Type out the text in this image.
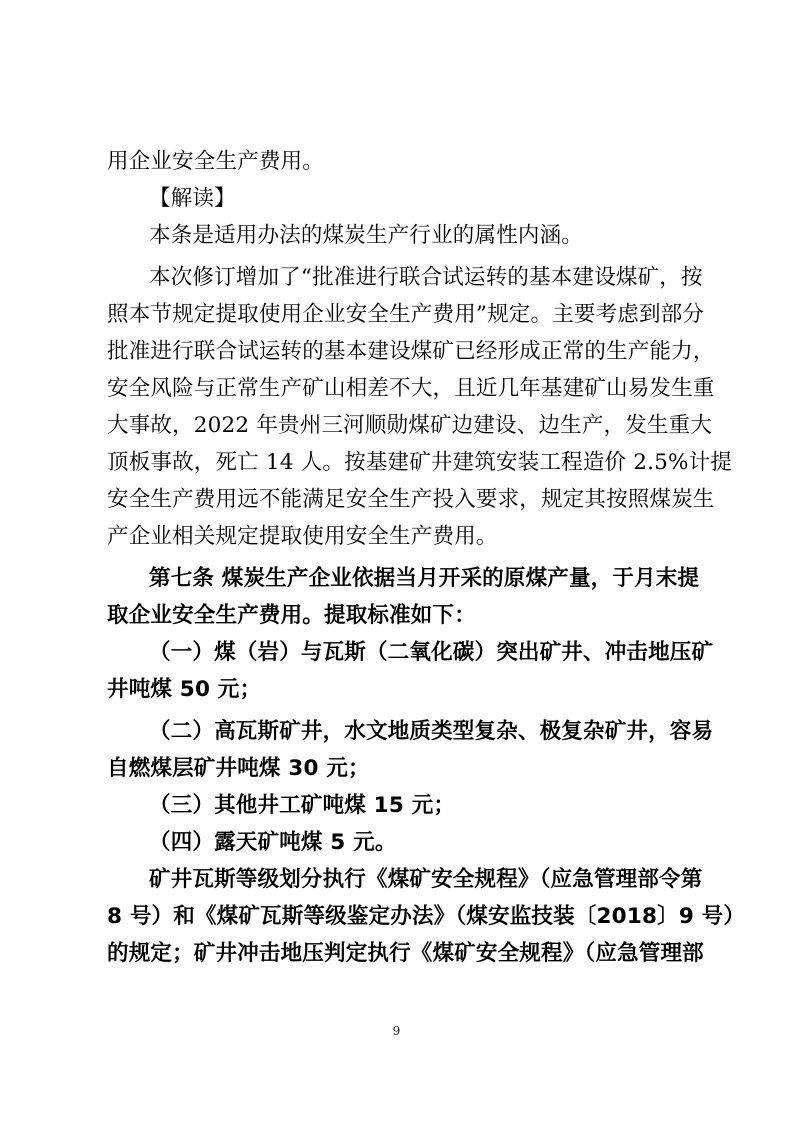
用企业安全生产费用。
【解读】
本条是适用办法的煤炭生产行业的属性内涵。
本次修订增加了“批准进行联合试运转的基本建设煤矿，按
照本节规定提取使用企业安全生产费用”规定。主要考虑到部分
批准进行联合试运转的基本建设煤矿已经形成正常的生产能力，
安全风险与正常生产矿山相差不大，且近几年基建矿山易发生重
大事故，2022 年贵州三河顺勋煤矿边建设、边生产，发生重大
顶板事故，死亡 14 人。按基建矿井建筑安装工程造价 2.5%计提
安全生产费用远不能满足安全生产投入要求，规定其按照煤炭生
产企业相关规定提取使用安全生产费用。
第七条 煤炭生产企业依据当月开采的原煤产量，于月末提
取企业安全生产费用。提取标准如下：
（一）煤（岩）与瓦斯（二氧化碳）突出矿井、冲击地压矿
井吨煤 50 元；
（二）高瓦斯矿井，水文地质类型复杂、极复杂矿井，容易
自燃煤层矿井吨煤 30 元；
（三）其他井工矿吨煤 15 元；
（四）露天矿吨煤 5 元。
矿井瓦斯等级划分执行《煤矿安全规程》（应急管理部令第
8 号）和《煤矿瓦斯等级鉴定办法》（煤安监技装〔2018〕9 号）
的规定；矿井冲击地压判定执行《煤矿安全规程》（应急管理部
9
